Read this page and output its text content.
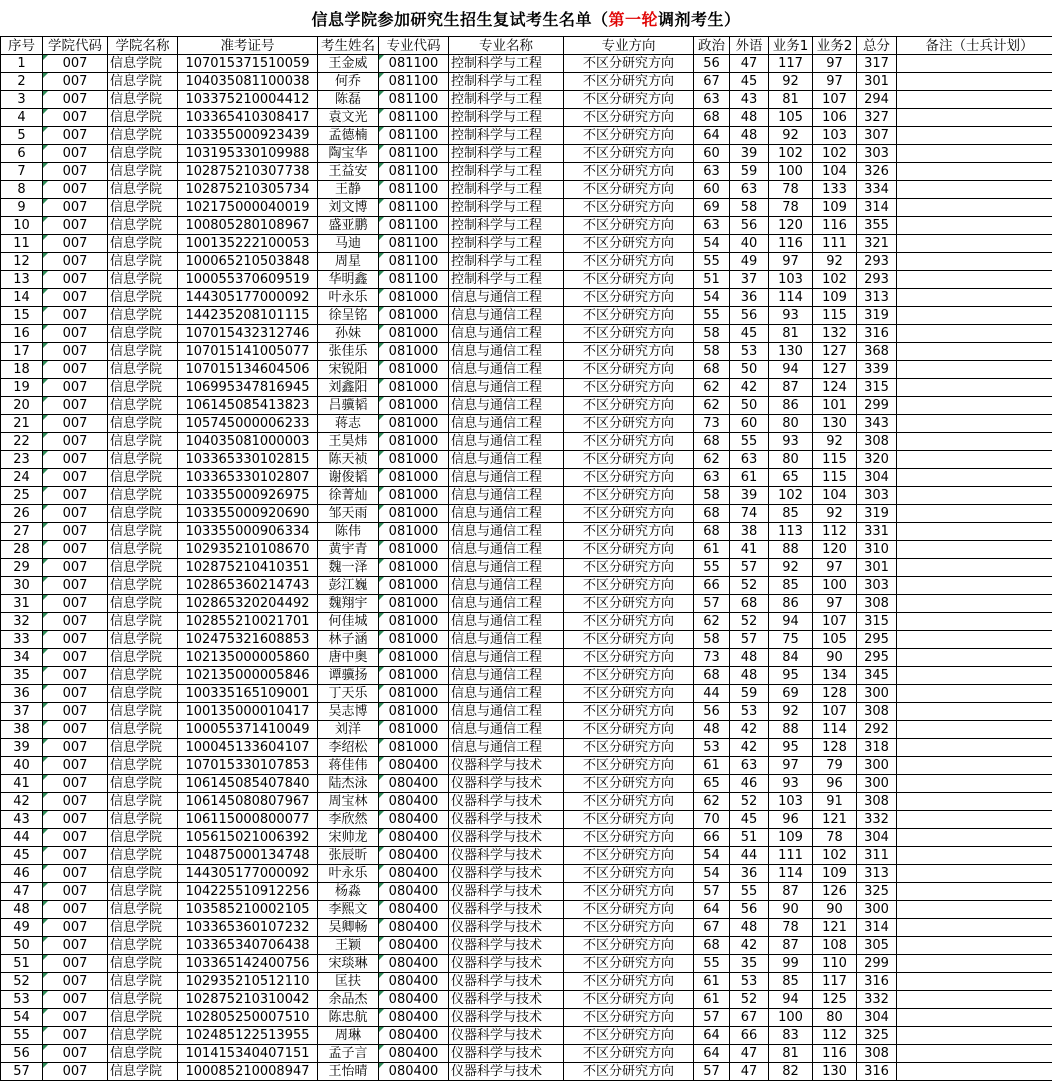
信息学院参加研究生招生复试考生名单（ 第一轮 调剂考生）
序号	学院代码	学院名称	准考证号	考生姓名	专业代码	专业名称	专业方向	政治	外语	业务1	业务2	总分	备注（士兵计划）
1	007	信息学院	107015371510059	王金威	081100	控制科学与工程	不区分研究方向	56	47	117	97	317	
2	007	信息学院	104035081100038	何乔	081100	控制科学与工程	不区分研究方向	67	45	92	97	301	
3	007	信息学院	103375210004412	陈磊	081100	控制科学与工程	不区分研究方向	63	43	81	107	294	
4	007	信息学院	103365410308417	袁文光	081100	控制科学与工程	不区分研究方向	68	48	105	106	327	
5	007	信息学院	103355000923439	孟德楠	081100	控制科学与工程	不区分研究方向	64	48	92	103	307	
6	007	信息学院	103195330109988	陶宝华	081100	控制科学与工程	不区分研究方向	60	39	102	102	303	
7	007	信息学院	102875210307738	王益安	081100	控制科学与工程	不区分研究方向	63	59	100	104	326	
8	007	信息学院	102875210305734	王静	081100	控制科学与工程	不区分研究方向	60	63	78	133	334	
9	007	信息学院	102175000040019	刘文博	081100	控制科学与工程	不区分研究方向	69	58	78	109	314	
10	007	信息学院	100805280108967	盛亚鹏	081100	控制科学与工程	不区分研究方向	63	56	120	116	355	
11	007	信息学院	100135222100053	马迪	081100	控制科学与工程	不区分研究方向	54	40	116	111	321	
12	007	信息学院	100065210503848	周星	081100	控制科学与工程	不区分研究方向	55	49	97	92	293	
13	007	信息学院	100055370609519	华明鑫	081100	控制科学与工程	不区分研究方向	51	37	103	102	293	
14	007	信息学院	144305177000092	叶永乐	081000	信息与通信工程	不区分研究方向	54	36	114	109	313	
15	007	信息学院	144235208101115	徐呈铭	081000	信息与通信工程	不区分研究方向	55	56	93	115	319	
16	007	信息学院	107015432312746	孙妹	081000	信息与通信工程	不区分研究方向	58	45	81	132	316	
17	007	信息学院	107015141005077	张佳乐	081000	信息与通信工程	不区分研究方向	58	53	130	127	368	
18	007	信息学院	107015134604506	宋锐阳	081000	信息与通信工程	不区分研究方向	68	50	94	127	339	
19	007	信息学院	106995347816945	刘鑫阳	081000	信息与通信工程	不区分研究方向	62	42	87	124	315	
20	007	信息学院	106145085413823	吕骥韬	081000	信息与通信工程	不区分研究方向	62	50	86	101	299	
21	007	信息学院	105745000006233	蒋志	081000	信息与通信工程	不区分研究方向	73	60	80	130	343	
22	007	信息学院	104035081000003	王昊炜	081000	信息与通信工程	不区分研究方向	68	55	93	92	308	
23	007	信息学院	103365330102815	陈天祯	081000	信息与通信工程	不区分研究方向	62	63	80	115	320	
24	007	信息学院	103365330102807	谢俊韬	081000	信息与通信工程	不区分研究方向	63	61	65	115	304	
25	007	信息学院	103355000926975	徐菁灿	081000	信息与通信工程	不区分研究方向	58	39	102	104	303	
26	007	信息学院	103355000920690	邹天雨	081000	信息与通信工程	不区分研究方向	68	74	85	92	319	
27	007	信息学院	103355000906334	陈伟	081000	信息与通信工程	不区分研究方向	68	38	113	112	331	
28	007	信息学院	102935210108670	黄宇青	081000	信息与通信工程	不区分研究方向	61	41	88	120	310	
29	007	信息学院	102875210410351	魏一泽	081000	信息与通信工程	不区分研究方向	55	57	92	97	301	
30	007	信息学院	102865360214743	彭江巍	081000	信息与通信工程	不区分研究方向	66	52	85	100	303	
31	007	信息学院	102865320204492	魏翔宇	081000	信息与通信工程	不区分研究方向	57	68	86	97	308	
32	007	信息学院	102855210021701	何佳城	081000	信息与通信工程	不区分研究方向	62	52	94	107	315	
33	007	信息学院	102475321608853	林子涵	081000	信息与通信工程	不区分研究方向	58	57	75	105	295	
34	007	信息学院	102135000005860	唐中奥	081000	信息与通信工程	不区分研究方向	73	48	84	90	295	
35	007	信息学院	102135000005846	谭骥扬	081000	信息与通信工程	不区分研究方向	68	48	95	134	345	
36	007	信息学院	100335165109001	丁天乐	081000	信息与通信工程	不区分研究方向	44	59	69	128	300	
37	007	信息学院	100135000010417	吴志博	081000	信息与通信工程	不区分研究方向	56	53	92	107	308	
38	007	信息学院	100055371410049	刘洋	081000	信息与通信工程	不区分研究方向	48	42	88	114	292	
39	007	信息学院	100045133604107	李绍松	081000	信息与通信工程	不区分研究方向	53	42	95	128	318	
40	007	信息学院	107015330107853	蒋佳伟	080400	仪器科学与技术	不区分研究方向	61	63	97	79	300	
41	007	信息学院	106145085407840	陆杰泳	080400	仪器科学与技术	不区分研究方向	65	46	93	96	300	
42	007	信息学院	106145080807967	周宝林	080400	仪器科学与技术	不区分研究方向	62	52	103	91	308	
43	007	信息学院	106115000800077	李欣然	080400	仪器科学与技术	不区分研究方向	70	45	96	121	332	
44	007	信息学院	105615021006392	宋帅龙	080400	仪器科学与技术	不区分研究方向	66	51	109	78	304	
45	007	信息学院	104875000134748	张辰昕	080400	仪器科学与技术	不区分研究方向	54	44	111	102	311	
46	007	信息学院	144305177000092	叶永乐	080400	仪器科学与技术	不区分研究方向	54	36	114	109	313	
47	007	信息学院	104225510912256	杨淼	080400	仪器科学与技术	不区分研究方向	57	55	87	126	325	
48	007	信息学院	103585210002105	李熙文	080400	仪器科学与技术	不区分研究方向	64	56	90	90	300	
49	007	信息学院	103365360107232	吴卿畅	080400	仪器科学与技术	不区分研究方向	67	48	78	121	314	
50	007	信息学院	103365340706438	王颖	080400	仪器科学与技术	不区分研究方向	68	42	87	108	305	
51	007	信息学院	103365142400756	宋琰琳	080400	仪器科学与技术	不区分研究方向	55	35	99	110	299	
52	007	信息学院	102935210512110	匡扶	080400	仪器科学与技术	不区分研究方向	61	53	85	117	316	
53	007	信息学院	102875210310042	余品杰	080400	仪器科学与技术	不区分研究方向	61	52	94	125	332	
54	007	信息学院	102805250007510	陈忠航	080400	仪器科学与技术	不区分研究方向	57	67	100	80	304	
55	007	信息学院	102485122513955	周琳	080400	仪器科学与技术	不区分研究方向	64	66	83	112	325	
56	007	信息学院	101415340407151	孟子言	080400	仪器科学与技术	不区分研究方向	64	47	81	116	308	
57	007	信息学院	100085210008947	王怡晴	080400	仪器科学与技术	不区分研究方向	57	47	82	130	316	
